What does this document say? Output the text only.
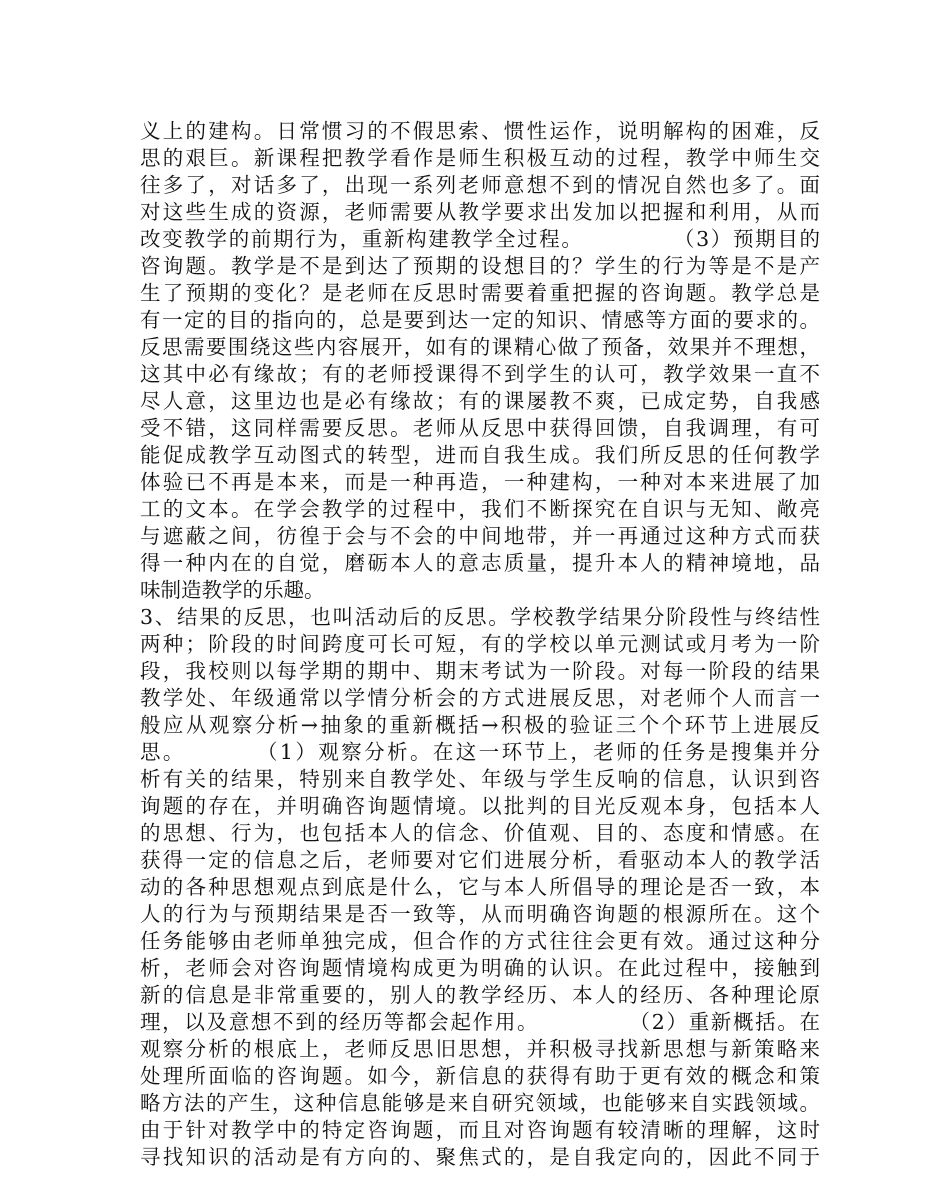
义上的建构。日常惯习的不假思索、惯性运作，说明解构的困难，反
思的艰巨。新课程把教学看作是师生积极互动的过程，教学中师生交
往多了，对话多了，出现一系列老师意想不到的情况自然也多了。面
对这些生成的资源，老师需要从教学要求出发加以把握和利用，从而
改变教学的前期行为，重新构建教学全过程。　　　　　（3）预期目的
咨询题。教学是不是到达了预期的设想目的？学生的行为等是不是产
生了预期的变化？是老师在反思时需要着重把握的咨询题。教学总是
有一定的目的指向的，总是要到达一定的知识、情感等方面的要求的。
反思需要围绕这些内容展开，如有的课精心做了预备，效果并不理想，
这其中必有缘故；有的老师授课得不到学生的认可，教学效果一直不
尽人意，这里边也是必有缘故；有的课屡教不爽，已成定势，自我感
受不错，这同样需要反思。老师从反思中获得回馈，自我调理，有可
能促成教学互动图式的转型，进而自我生成。我们所反思的任何教学
体验已不再是本来，而是一种再造，一种建构，一种对本来进展了加
工的文本。在学会教学的过程中，我们不断探究在自识与无知、敞亮
与遮蔽之间，彷徨于会与不会的中间地带，并一再通过这种方式而获
得一种内在的自觉，磨砺本人的意志质量，提升本人的精神境地，品
味制造教学的乐趣。
3、结果的反思，也叫活动后的反思。学校教学结果分阶段性与终结性
两种；阶段的时间跨度可长可短，有的学校以单元测试或月考为一阶
段，我校则以每学期的期中、期末考试为一阶段。对每一阶段的结果
教学处、年级通常以学情分析会的方式进展反思，对老师个人而言一
般应从观察分析→抽象的重新概括→积极的验证三个个环节上进展反
思。　　　　（1）观察分析。在这一环节上，老师的任务是搜集并分
析有关的结果，特别来自教学处、年级与学生反响的信息，认识到咨
询题的存在，并明确咨询题情境。以批判的目光反观本身，包括本人
的思想、行为，也包括本人的信念、价值观、目的、态度和情感。在
获得一定的信息之后，老师要对它们进展分析，看驱动本人的教学活
动的各种思想观点到底是什么，它与本人所倡导的理论是否一致，本
人的行为与预期结果是否一致等，从而明确咨询题的根源所在。这个
任务能够由老师单独完成，但合作的方式往往会更有效。通过这种分
析，老师会对咨询题情境构成更为明确的认识。在此过程中，接触到
新的信息是非常重要的，别人的教学经历、本人的经历、各种理论原
理，以及意想不到的经历等都会起作用。　　　　　（2）重新概括。在
观察分析的根底上，老师反思旧思想，并积极寻找新思想与新策略来
处理所面临的咨询题。如今，新信息的获得有助于更有效的概念和策
略方法的产生，这种信息能够是来自研究领域，也能够来自实践领域。
由于针对教学中的特定咨询题，而且对咨询题有较清晰的理解，这时
寻找知识的活动是有方向的、聚焦式的，是自我定向的，因此不同于
